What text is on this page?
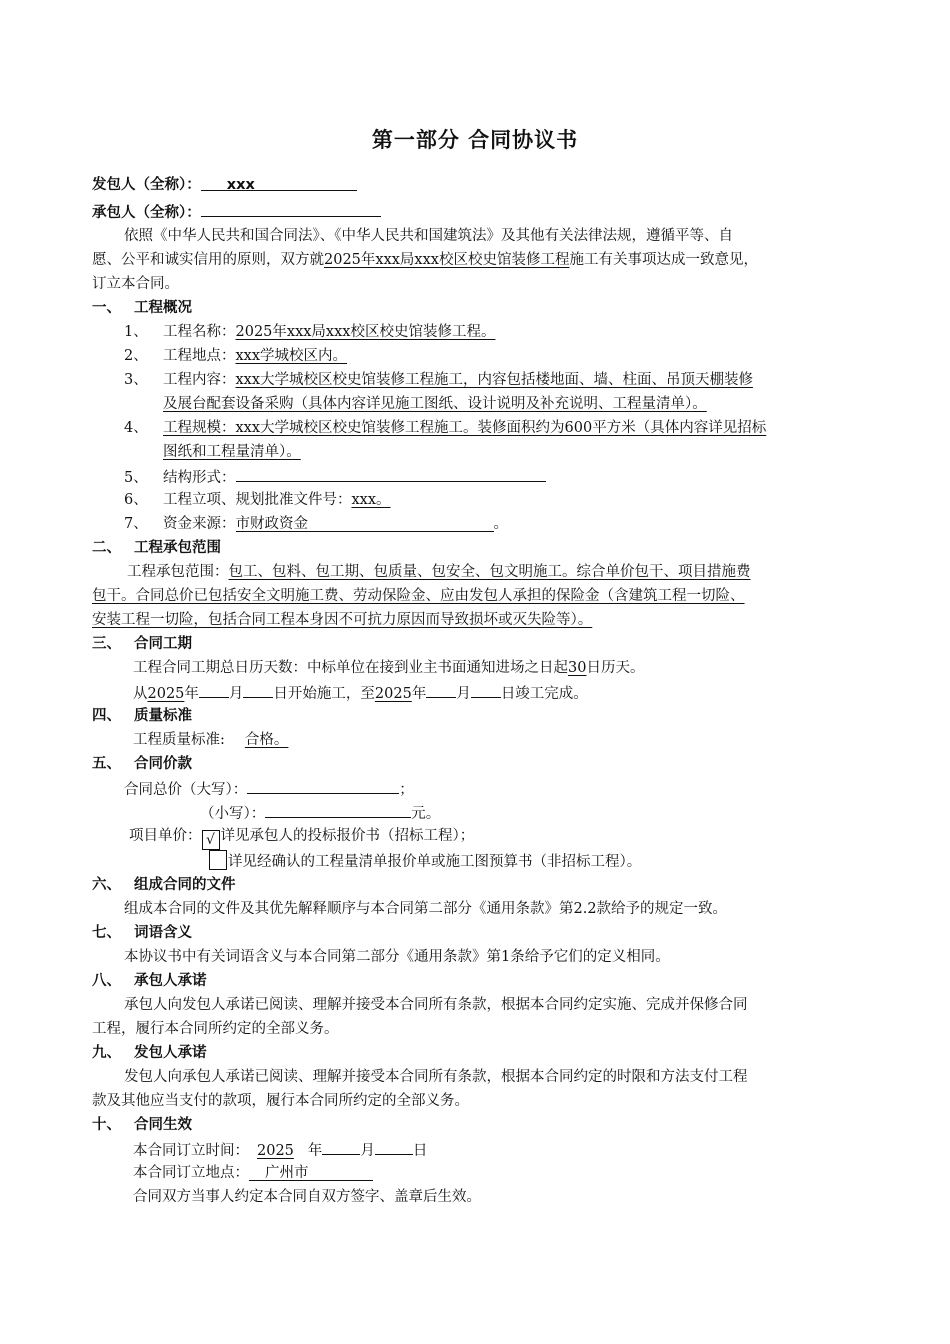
第一部分 合同协议书
发包人（全称）： xxx
承包人（全称）：
依照《中华人民共和国合同法》、《中华人民共和国建筑法》及其他有关法律法规，遵循平等、自
愿、公平和诚实信用的原则，双方就2025年xxx局xxx校区校史馆装修工程施工有关事项达成一致意见，
订立本合同。
一、 工程概况
1、 工程名称：2025年xxx局xxx校区校史馆装修工程。
2、 工程地点：xxx学城校区内。
3、 工程内容：xxx大学城校区校史馆装修工程施工，内容包括楼地面、墙、柱面、吊顶天棚装修
及展台配套设备采购（具体内容详见施工图纸、设计说明及补充说明、工程量清单）。
4、 工程规模：xxx大学城校区校史馆装修工程施工。装修面积约为600平方米（具体内容详见招标
图纸和工程量清单）。
5、 结构形式：
6、 工程立项、规划批准文件号：xxx。
7、 资金来源：市财政资金	。
二、 工程承包范围
工程承包范围：包工、包料、包工期、包质量、包安全、包文明施工。综合单价包干、项目措施费
包干。合同总价已包括安全文明施工费、劳动保险金、应由发包人承担的保险金（含建筑工程一切险、
安装工程一切险，包括合同工程本身因不可抗力原因而导致损坏或灭失险等）。
三、 合同工期
工程合同工期总日历天数：中标单位在接到业主书面通知进场之日起30日历天。
从2025年 月 日开始施工，至2025年 月 日竣工完成。
四、 质量标准
工程质量标准: 合格。
五、 合同价款
合同总价（大写）：	；
（小写）：	元。
项目单价： √ 详见承包人的投标报价书（招标工程）；
详见经确认的工程量清单报价单或施工图预算书（非招标工程）。
六、 组成合同的文件
组成本合同的文件及其优先解释顺序与本合同第二部分《通用条款》第2.2款给予的规定一致。
七、 词语含义
本协议书中有关词语含义与本合同第二部分《通用条款》第1条给予它们的定义相同。
八、 承包人承诺
承包人向发包人承诺已阅读、理解并接受本合同所有条款，根据本合同约定实施、完成并保修合同
工程，履行本合同所约定的全部义务。
九、 发包人承诺
发包人向承包人承诺已阅读、理解并接受本合同所有条款，根据本合同约定的时限和方法支付工程
款及其他应当支付的款项，履行本合同所约定的全部义务。
十、 合同生效
本合同订立时间： 2025 年	月	日
本合同订立地点： 广州市
合同双方当事人约定本合同自双方签字、盖章后生效。
